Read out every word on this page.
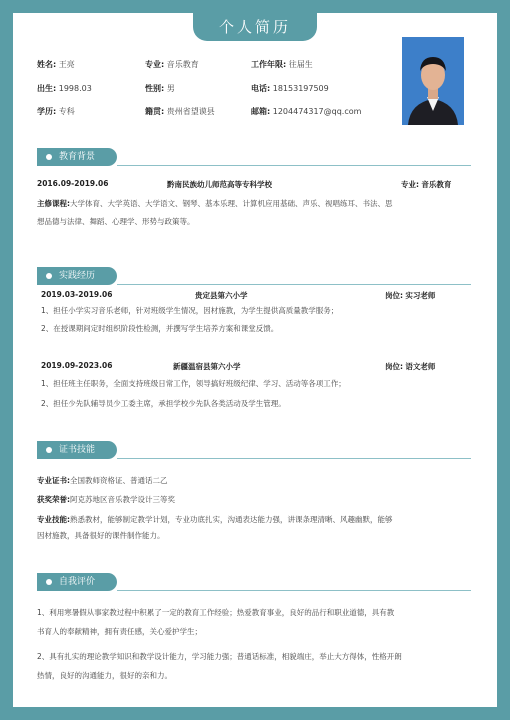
个人简历
姓名: 王亮	专业: 音乐教育	工作年限: 往届生
出生: 1998.03	性别: 男	电话: 18153197509
学历: 专科	籍贯: 贵州省望谟县	邮箱: 1204474317@qq.com
教育背景
2016.09-2019.06	黔南民族幼儿师范高等专科学校	专业: 音乐教育
主修课程:大学体育、大学英语、大学语文、钢琴、基本乐理、计算机应用基础、声乐、视唱练耳、书法、思
想品德与法律、舞蹈、心理学、形势与政策等。
实践经历
2019.03-2019.06	贵定县第六小学	岗位: 实习老师
1、担任小学实习音乐老师，针对班级学生情况，因材施教，为学生提供高质量教学服务；
2、在授课期间定时组织阶段性检测，并撰写学生培养方案和课堂反馈。
2019.09-2023.06	新疆温宿县第六小学	岗位: 语文老师
1、担任班主任职务，全面支持班级日常工作，领导搞好班级纪律、学习、活动等各项工作；
2、担任少先队辅导员少工委主席，承担学校少先队各类活动及学生管理。
证书技能
专业证书:全国教师资格证、普通话二乙
获奖荣誉:阿克苏地区音乐教学设计三等奖
专业技能:熟悉教材，能够制定教学计划，专业功底扎实，沟通表达能力强，讲课条理清晰、风趣幽默，能够
因材施教，具备很好的课件制作能力。
自我评价
1、利用寒暑假从事家教过程中积累了一定的教育工作经验；热爱教育事业，良好的品行和职业道德，具有教
书育人的奉献精神，拥有责任感，关心爱护学生；
2、具有扎实的理论教学知识和教学设计能力，学习能力强；普通话标准，相貌端庄，举止大方得体，性格开朗
热情，良好的沟通能力，很好的亲和力。
